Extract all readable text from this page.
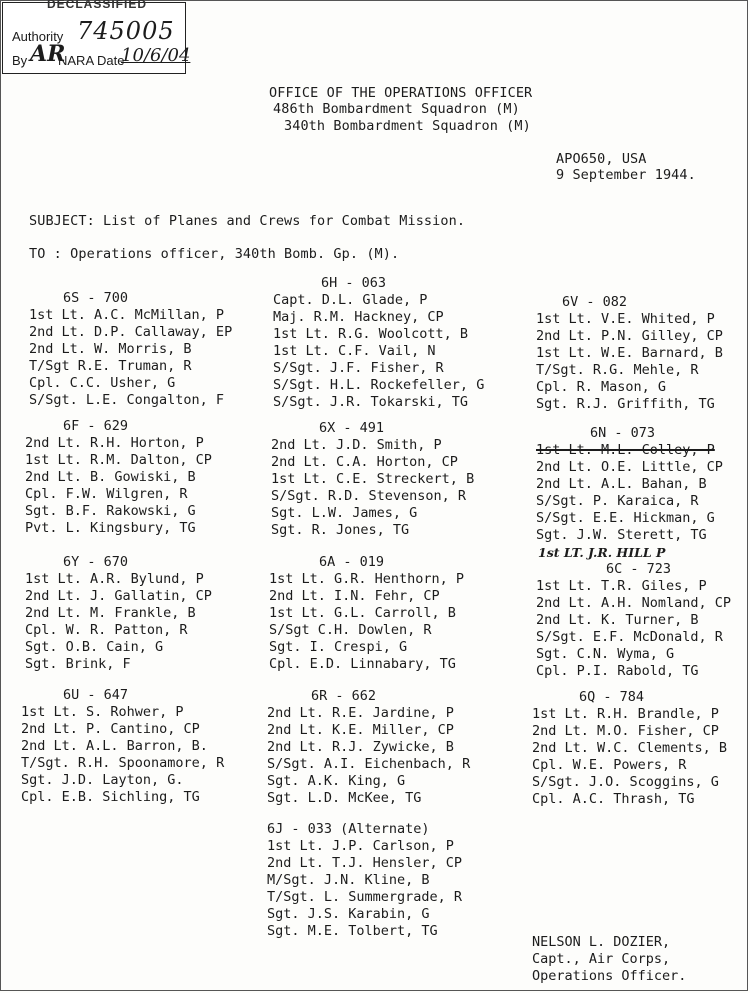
DECLASSIFIED
Authority 745005
By AR
NARA Date
10/6/04
OFFICE OF THE OPERATIONS OFFICER
486th Bombardment Squadron (M)
340th Bombardment Squadron (M)
APO650, USA
9 September 1944.
SUBJECT: List of Planes and Crews for Combat Mission.
TO : Operations officer, 340th Bomb. Gp. (M).
6S - 700
1st Lt. A.C. McMillan, P
2nd Lt. D.P. Callaway, EP
2nd Lt. W. Morris, B
T/Sgt R.E. Truman, R
Cpl. C.C. Usher, G
S/Sgt. L.E. Congalton, F
6F - 629
2nd Lt. R.H. Horton, P
1st Lt. R.M. Dalton, CP
2nd Lt. B. Gowiski, B
Cpl. F.W. Wilgren, R
Sgt. B.F. Rakowski, G
Pvt. L. Kingsbury, TG
6Y - 670
1st Lt. A.R. Bylund, P
2nd Lt. J. Gallatin, CP
2nd Lt. M. Frankle, B
Cpl. W. R. Patton, R
Sgt. O.B. Cain, G
Sgt. Brink, F
6U - 647
1st Lt. S. Rohwer, P
2nd Lt. P. Cantino, CP
2nd Lt. A.L. Barron, B.
T/Sgt. R.H. Spoonamore, R
Sgt. J.D. Layton, G.
Cpl. E.B. Sichling, TG
6H - 063
Capt. D.L. Glade, P
Maj. R.M. Hackney, CP
1st Lt. R.G. Woolcott, B
1st Lt. C.F. Vail, N
S/Sgt. J.F. Fisher, R
S/Sgt. H.L. Rockefeller, G
S/Sgt. J.R. Tokarski, TG
6X - 491
2nd Lt. J.D. Smith, P
2nd Lt. C.A. Horton, CP
1st Lt. C.E. Streckert, B
S/Sgt. R.D. Stevenson, R
Sgt. L.W. James, G
Sgt. R. Jones, TG
6A - 019
1st Lt. G.R. Henthorn, P
2nd Lt. I.N. Fehr, CP
1st Lt. G.L. Carroll, B
S/Sgt C.H. Dowlen, R
Sgt. I. Crespi, G
Cpl. E.D. Linnabary, TG
6R - 662
2nd Lt. R.E. Jardine, P
2nd Lt. K.E. Miller, CP
2nd Lt. R.J. Zywicke, B
S/Sgt. A.I. Eichenbach, R
Sgt. A.K. King, G
Sgt. L.D. McKee, TG
6J - 033 (Alternate)
1st Lt. J.P. Carlson, P
2nd Lt. T.J. Hensler, CP
M/Sgt. J.N. Kline, B
T/Sgt. L. Summergrade, R
Sgt. J.S. Karabin, G
Sgt. M.E. Tolbert, TG
6V - 082
1st Lt. V.E. Whited, P
2nd Lt. P.N. Gilley, CP
1st Lt. W.E. Barnard, B
T/Sgt. R.G. Mehle, R
Cpl. R. Mason, G
Sgt. R.J. Griffith, TG
6N - 073
1st Lt. M.L. Colley, P
2nd Lt. O.E. Little, CP
2nd Lt. A.L. Bahan, B
S/Sgt. P. Karaica, R
S/Sgt. E.E. Hickman, G
Sgt. J.W. Sterett, TG
1st LT. J.R. HILL P
6C - 723
1st Lt. T.R. Giles, P
2nd Lt. A.H. Nomland, CP
2nd Lt. K. Turner, B
S/Sgt. E.F. McDonald, R
Sgt. C.N. Wyma, G
Cpl. P.I. Rabold, TG
6Q - 784
1st Lt. R.H. Brandle, P
2nd Lt. M.O. Fisher, CP
2nd Lt. W.C. Clements, B
Cpl. W.E. Powers, R
S/Sgt. J.O. Scoggins, G
Cpl. A.C. Thrash, TG
NELSON L. DOZIER,
Capt., Air Corps,
Operations Officer.
